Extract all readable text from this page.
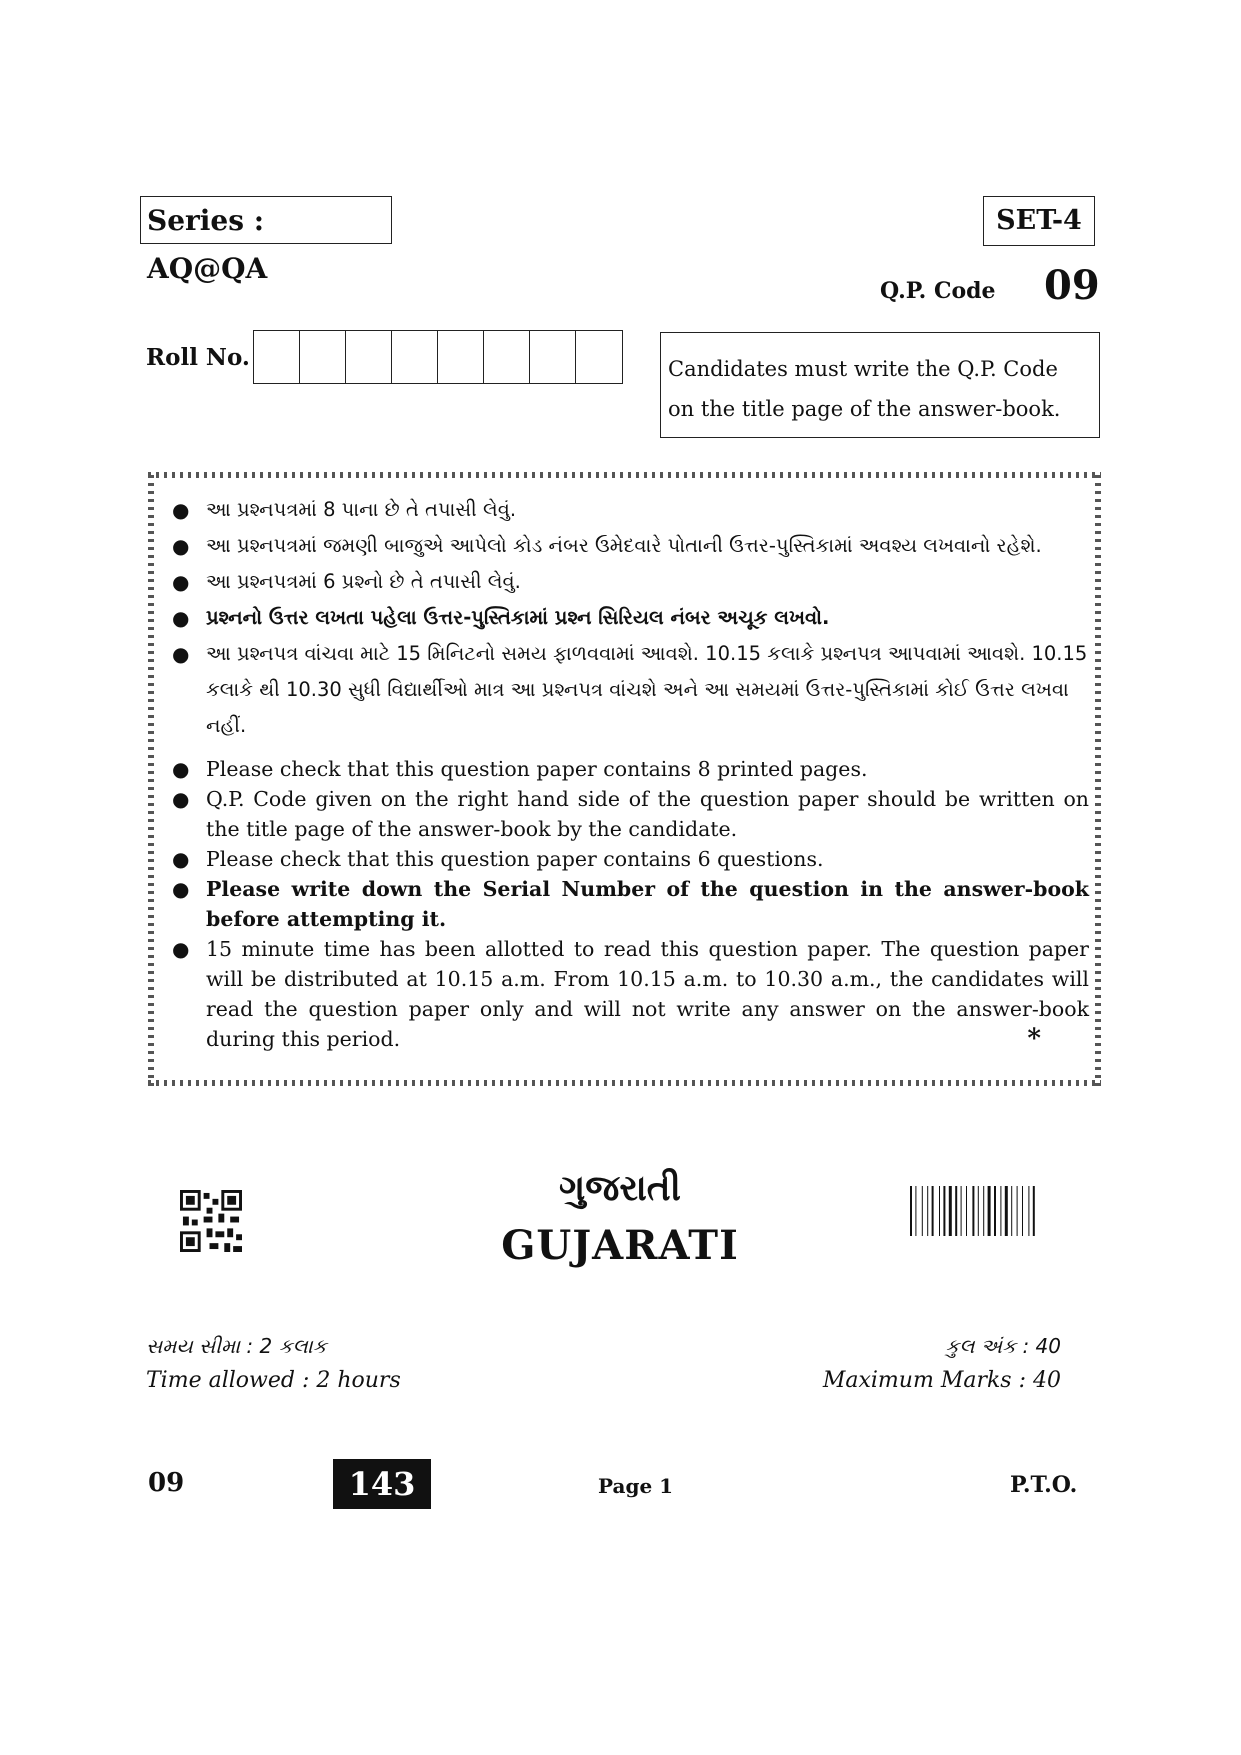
Series : AQ@QA
SET-4
Q.P. Code 09
Roll No.	Candidates must write the Q.P. Code
on the title page of the answer-book.
● આ પ્રશ્નપત્રમાં 8 પાના છે તે તપાસી લેવું.
● આ પ્રશ્નપત્રમાં જમણી બાજુએ આપેલો કોડ નંબર ઉમેદવારે પોતાની ઉત્તર-પુસ્તિકામાં અવશ્ય લખવાનો રહેશે.
● આ પ્રશ્નપત્રમાં 6 પ્રશ્નો છે તે તપાસી લેવું.
● પ્રશ્નનો ઉત્તર લખતા પહેલા ઉત્તર-પુસ્તિકામાં પ્રશ્ન સિરિયલ નંબર અચૂક લખવો.
● આ પ્રશ્નપત્ર વાંચવા માટે 15 મિનિટનો સમય ફાળવવામાં આવશે. 10.15 કલાકે પ્રશ્નપત્ર આપવામાં આવશે. 10.15 કલાકે થી 10.30 સુધી વિદ્યાર્થીઓ માત્ર આ પ્રશ્નપત્ર વાંચશે અને આ સમયમાં ઉત્તર-પુસ્તિકામાં કોઈ ઉત્તર લખવા નહીં.
● Please check that this question paper contains 8 printed pages.
● Q.P. Code given on the right hand side of the question paper should be written on the title page of the answer-book by the candidate.
● Please check that this question paper contains 6 questions.
● Please write down the Serial Number of the question in the answer-book before attempting it.
● 15 minute time has been allotted to read this question paper. The question paper will be distributed at 10.15 a.m. From 10.15 a.m. to 10.30 a.m., the candidates will read the question paper only and will not write any answer on the answer-book during this period.	*
ગુજરાતી
GUJARATI
સમય સીમા : 2 કલાક
Time allowed : 2 hours
કુલ અંક : 40
Maximum Marks : 40
09	143	Page 1	P.T.O.
